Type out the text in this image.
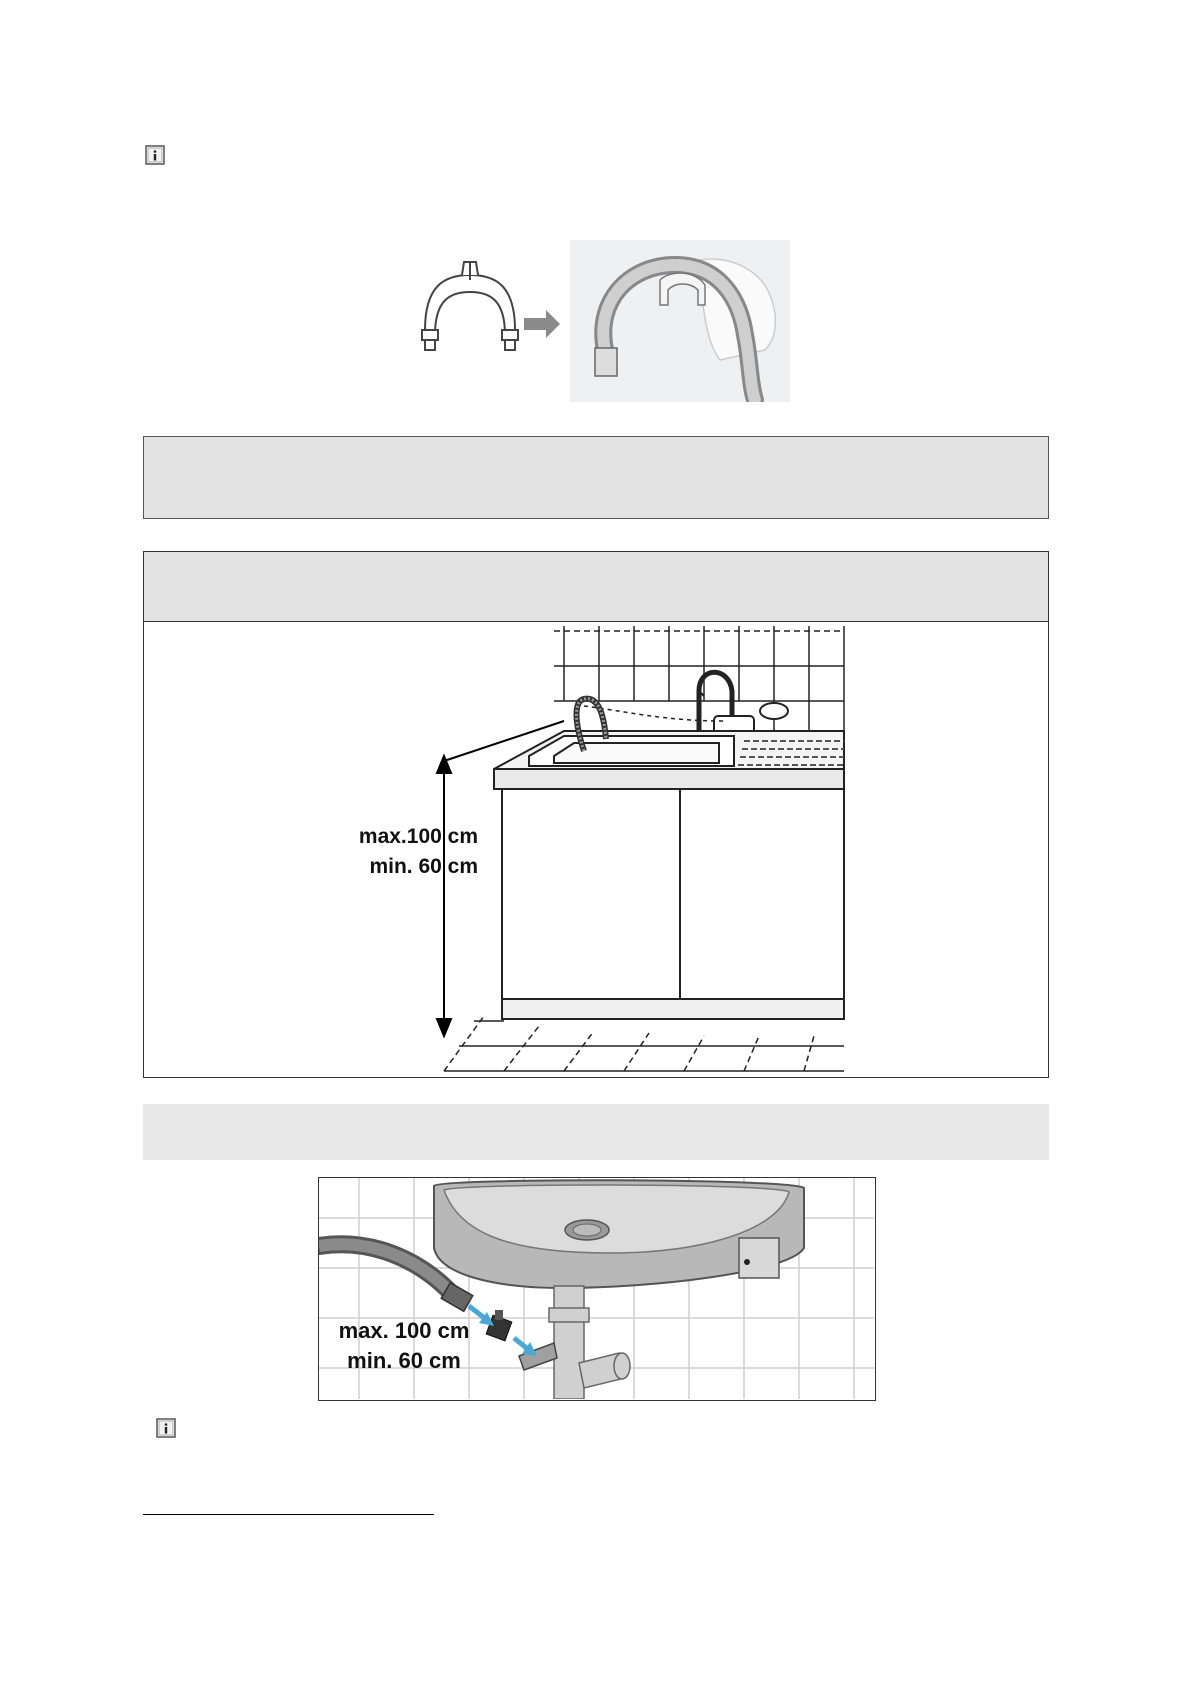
max.100 cm
min. 60 cm
max. 100 cm
min. 60 cm
